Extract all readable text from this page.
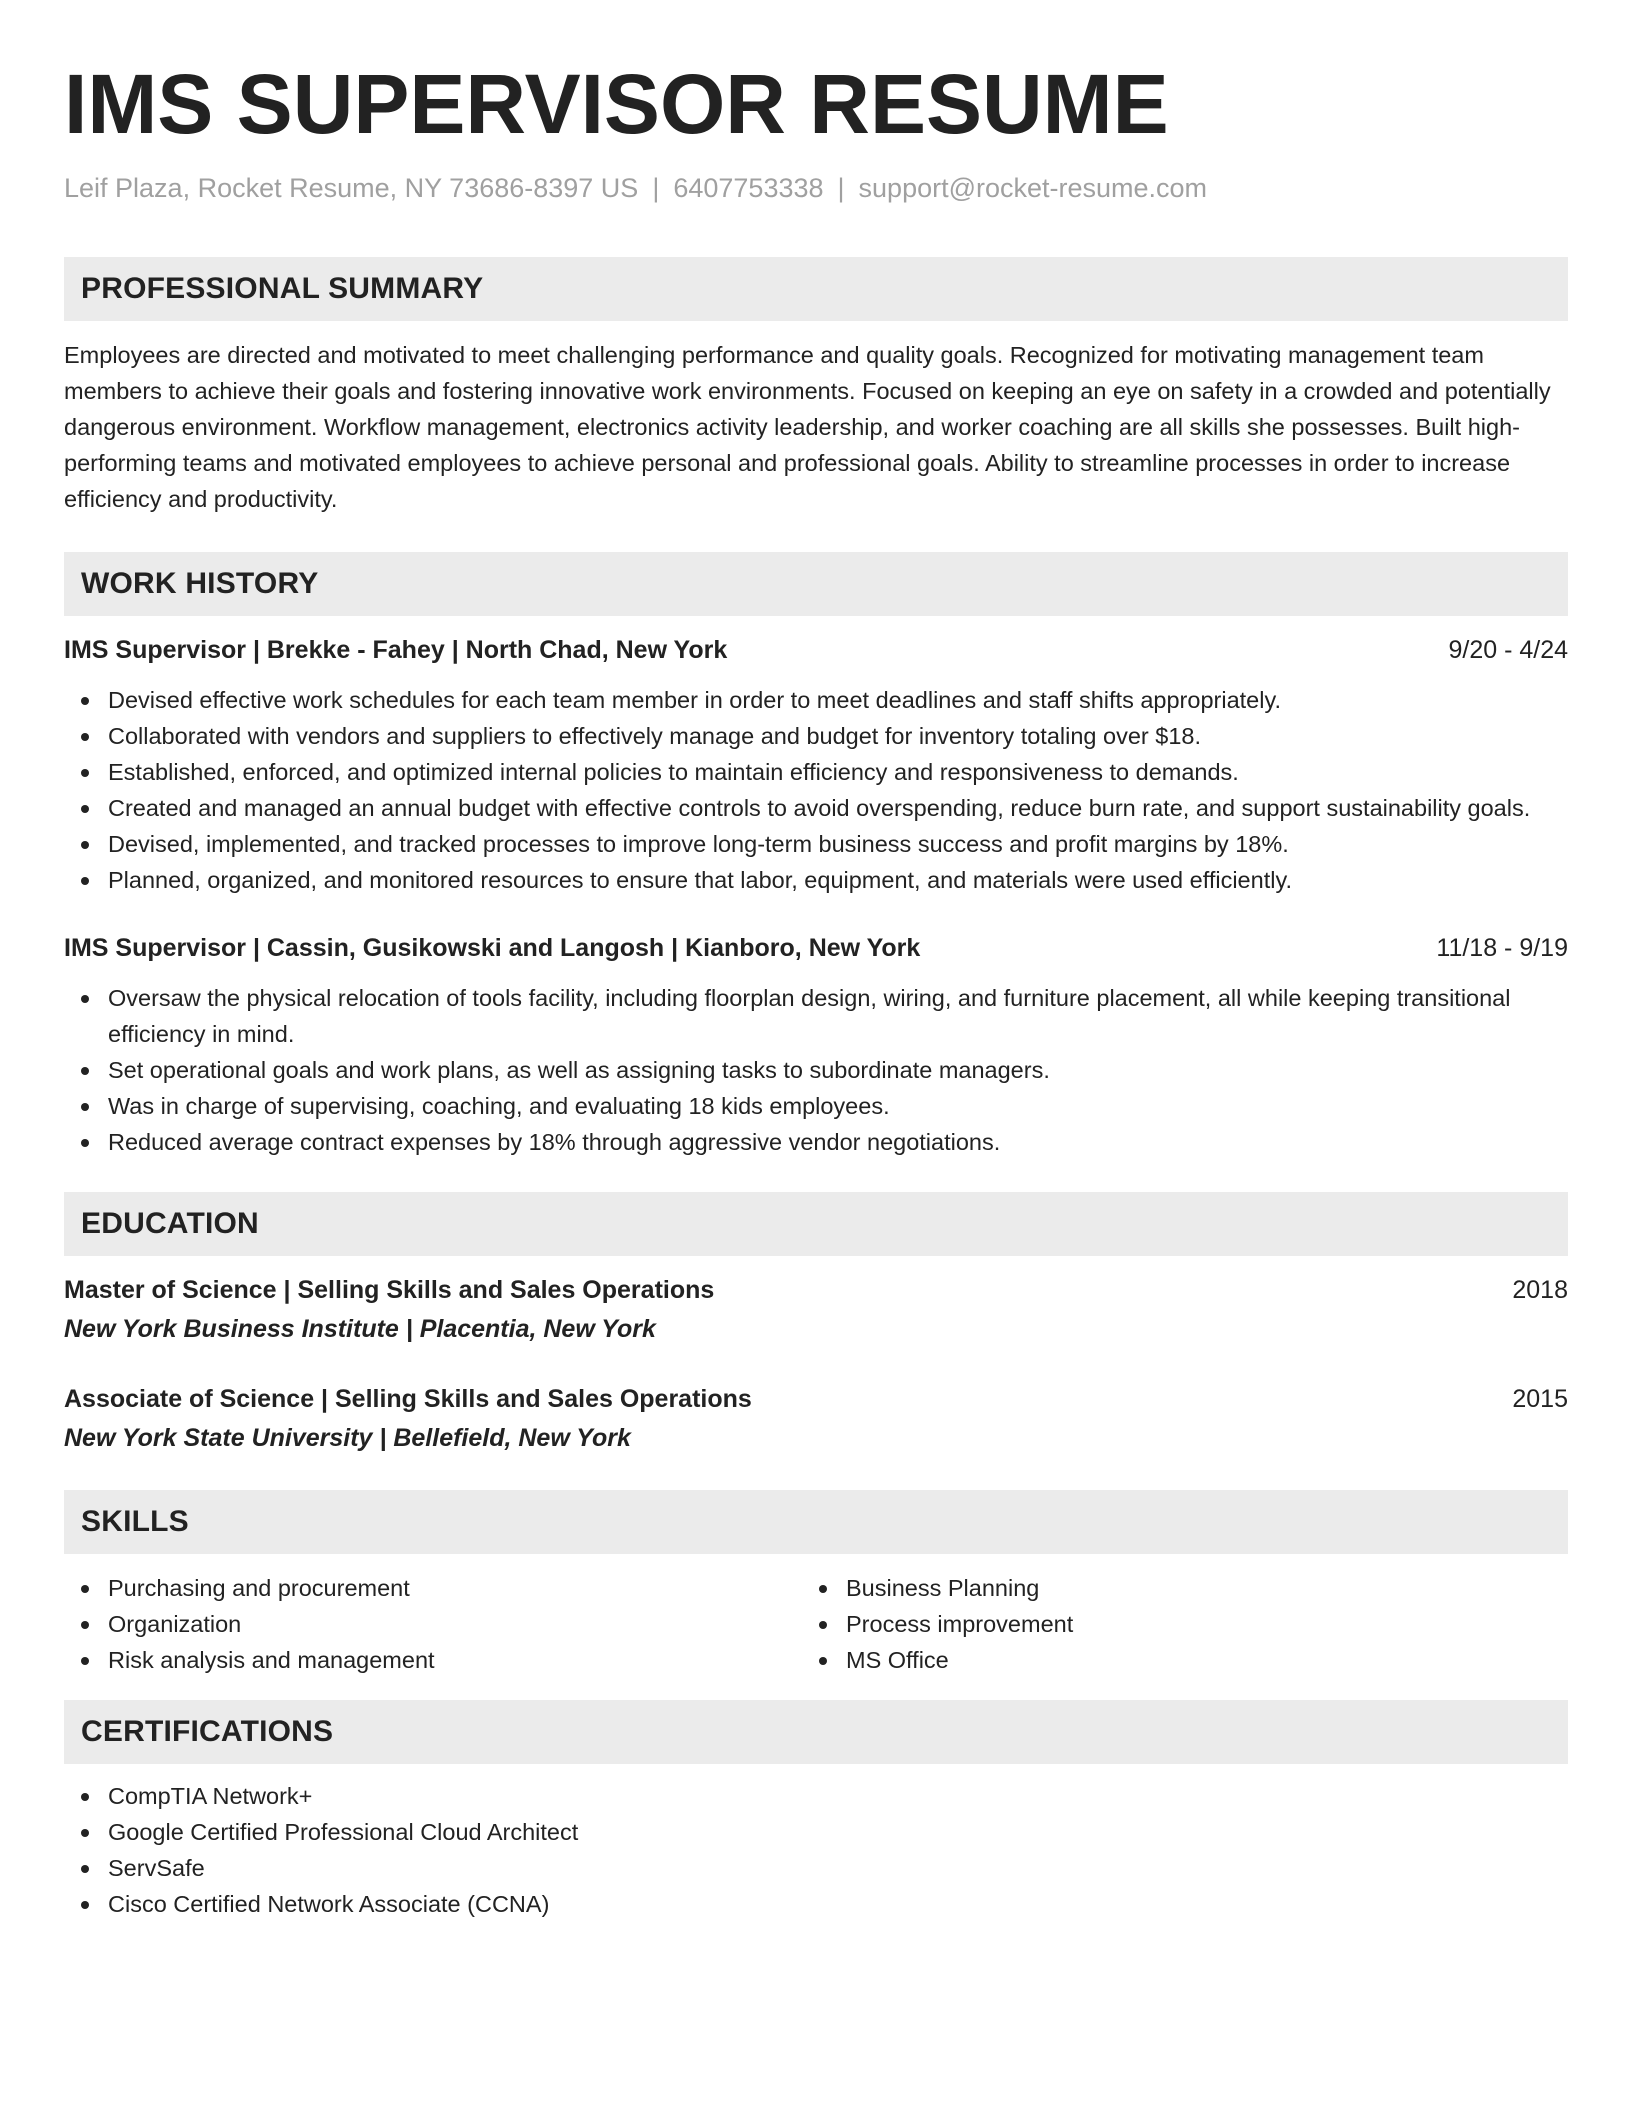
IMS SUPERVISOR RESUME
Leif Plaza, Rocket Resume, NY 73686-8397 US | 6407753338 | support@rocket-resume.com
PROFESSIONAL SUMMARY

Employees are directed and motivated to meet challenging performance and quality goals. Recognized for motivating management team members to achieve their goals and fostering innovative work environments. Focused on keeping an eye on safety in a crowded and potentially dangerous environment. Workflow management, electronics activity leadership, and worker coaching are all skills she possesses. Built high-performing teams and motivated employees to achieve personal and professional goals. Ability to streamline processes in order to increase efficiency and productivity.

WORK HISTORY
IMS Supervisor | Brekke - Fahey | North Chad, New York	9/20 - 4/24
Devised effective work schedules for each team member in order to meet deadlines and staff shifts appropriately.
Collaborated with vendors and suppliers to effectively manage and budget for inventory totaling over $18.
Established, enforced, and optimized internal policies to maintain efficiency and responsiveness to demands.
Created and managed an annual budget with effective controls to avoid overspending, reduce burn rate, and support sustainability goals.
Devised, implemented, and tracked processes to improve long-term business success and profit margins by 18%.
Planned, organized, and monitored resources to ensure that labor, equipment, and materials were used efficiently.
IMS Supervisor | Cassin, Gusikowski and Langosh | Kianboro, New York	11/18 - 9/19
Oversaw the physical relocation of tools facility, including floorplan design, wiring, and furniture placement, all while keeping transitional efficiency in mind.
Set operational goals and work plans, as well as assigning tasks to subordinate managers.
Was in charge of supervising, coaching, and evaluating 18 kids employees.
Reduced average contract expenses by 18% through aggressive vendor negotiations.
EDUCATION
Master of Science | Selling Skills and Sales Operations	2018
New York Business Institute | Placentia, New York
Associate of Science | Selling Skills and Sales Operations	2015
New York State University | Bellefield, New York
SKILLS
Purchasing and procurement
Organization
Risk analysis and management
Business Planning
Process improvement
MS Office
CERTIFICATIONS
CompTIA Network+
Google Certified Professional Cloud Architect
ServSafe
Cisco Certified Network Associate (CCNA)
